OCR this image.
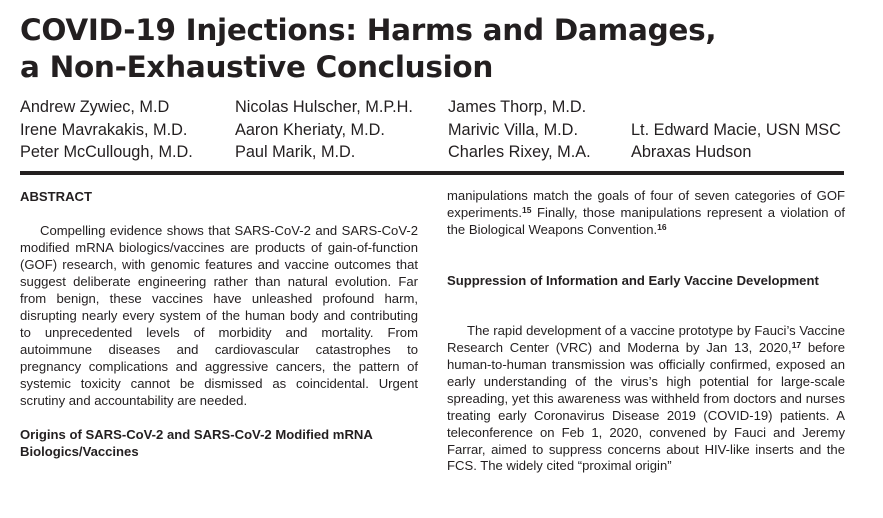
COVID-19 Injections: Harms and Damages,
a Non-Exhaustive Conclusion
Andrew Zywiec, M.D
Irene Mavrakakis, M.D.
Peter McCullough, M.D.
Nicolas Hulscher, M.P.H.
Aaron Kheriaty, M.D.
Paul Marik, M.D.
James Thorp, M.D.
Marivic Villa, M.D.
Charles Rixey, M.A.
Lt. Edward Macie, USN MSC
Abraxas Hudson
ABSTRACT

Compelling evidence shows that SARS-CoV-2 and SARS-CoV-2 modified mRNA biologics/vaccines are products of gain-of-function (GOF) research, with genomic features and vaccine outcomes that suggest deliberate engineering rather than natural evolution. Far from benign, these vaccines have unleashed profound harm, disrupting nearly every system of the human body and contributing to unprecedented levels of morbidity and mortality. From autoimmune diseases and cardiovascular catastrophes to pregnancy complications and aggressive cancers, the pattern of systemic toxicity cannot be dismissed as coincidental. Urgent scrutiny and accountability are needed.

Origins of SARS-CoV-2 and SARS-CoV-2 Modified mRNA Biologics/Vaccines

manipulations match the goals of four of seven categories of GOF experiments.$^{15}$ Finally, those manipulations represent a violation of the Biological Weapons Convention.$^{16}$

Suppression of Information and Early Vaccine Development

The rapid development of a vaccine prototype by Fauci’s Vaccine Research Center (VRC) and Moderna by Jan 13, 2020,17 before human-to-human transmission was officially confirmed, exposed an early understanding of the virus’s high potential for large-scale spreading, yet this awareness was withheld from doctors and nurses treating early Coronavirus Disease 2019 (COVID-19) patients. A teleconference on Feb 1, 2020, convened by Fauci and Jeremy Farrar, aimed to suppress concerns about HIV-like inserts and the FCS. The widely cited “proximal origin”
